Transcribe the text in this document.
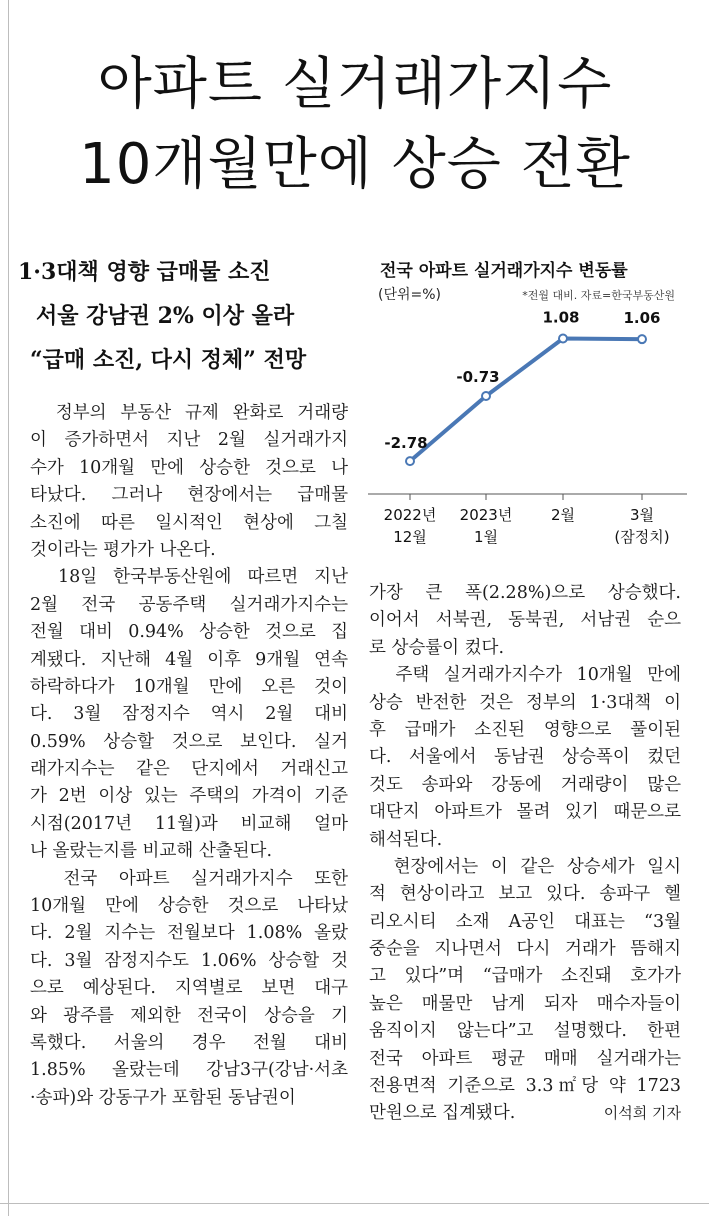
아파트 실거래가지수
10개월만에 상승 전환
1·3대책 영향 급매물 소진
서울 강남권 2% 이상 올라
“급매 소진, 다시 정체” 전망
전국 아파트 실거래가지수 변동률
(단위=%)	*전월 대비. 자료=한국부동산원
-2.78
-0.73
1.08	1.06
2022년
12월
2023년
1월
2월	3월
(잠정치)
　정부의 부동산 규제 완화로 거래량
이 증가하면서 지난 2월 실거래가지
수가 10개월 만에 상승한 것으로 나
타났다. 그러나 현장에서는 급매물
소진에 따른 일시적인 현상에 그칠
것이라는 평가가 나온다.
　18일 한국부동산원에 따르면 지난
2월 전국 공동주택 실거래가지수는
전월 대비 0.94% 상승한 것으로 집
계됐다. 지난해 4월 이후 9개월 연속
하락하다가 10개월 만에 오른 것이
다. 3월 잠정지수 역시 2월 대비
0.59% 상승할 것으로 보인다. 실거
래가지수는 같은 단지에서 거래신고
가 2번 이상 있는 주택의 가격이 기준
시점(2017년 11월)과 비교해 얼마
나 올랐는지를 비교해 산출된다.
　전국 아파트 실거래가지수 또한
10개월 만에 상승한 것으로 나타났
다. 2월 지수는 전월보다 1.08% 올랐
다. 3월 잠정지수도 1.06% 상승할 것
으로 예상된다. 지역별로 보면 대구
와 광주를 제외한 전국이 상승을 기
록했다. 서울의 경우 전월 대비
1.85% 올랐는데 강남3구(강남·서초
·송파)와 강동구가 포함된 동남권이
가장 큰 폭(2.28%)으로 상승했다.
이어서 서북권, 동북권, 서남권 순으
로 상승률이 컸다.
　주택 실거래가지수가 10개월 만에
상승 반전한 것은 정부의 1·3대책 이
후 급매가 소진된 영향으로 풀이된
다. 서울에서 동남권 상승폭이 컸던
것도 송파와 강동에 거래량이 많은
대단지 아파트가 몰려 있기 때문으로
해석된다.
　현장에서는 이 같은 상승세가 일시
적 현상이라고 보고 있다. 송파구 헬
리오시티 소재 A공인 대표는 “3월
중순을 지나면서 다시 거래가 뜸해지
고 있다”며 “급매가 소진돼 호가가
높은 매물만 남게 되자 매수자들이
움직이지 않는다”고 설명했다. 한편
전국 아파트 평균 매매 실거래가는
전용면적 기준으로 3.3㎡당 약 1723
만원으로 집계됐다.	이석희 기자
